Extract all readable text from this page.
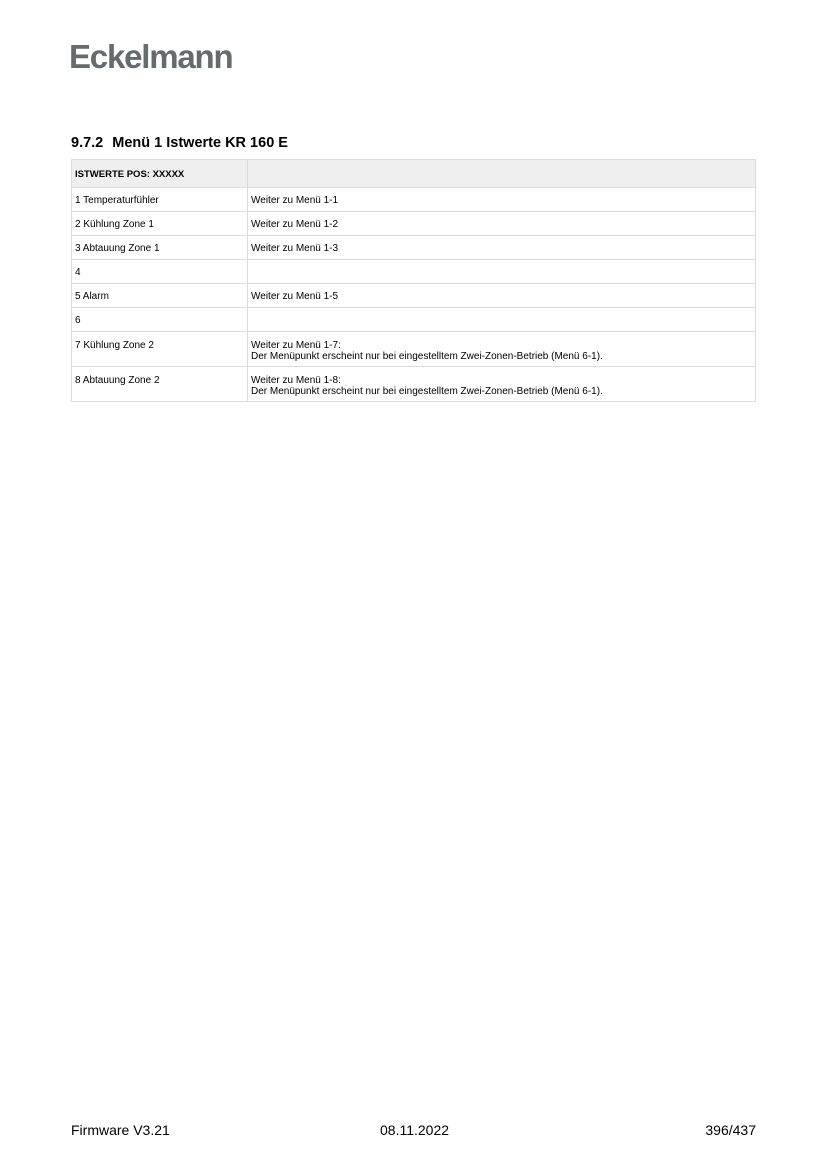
Eckelmann
9.7.2 Menü 1 Istwerte KR 160 E
ISTWERTE POS: XXXXX	
1 Temperaturfühler	Weiter zu Menü 1-1

2 Kühlung Zone 1	Weiter zu Menü 1-2

3 Abtauung Zone 1	Weiter zu Menü 1-3

4	

5 Alarm	Weiter zu Menü 1-5

6	

7 Kühlung Zone 2	Weiter zu Menü 1-7:
Der Menüpunkt erscheint nur bei eingestelltem Zwei-Zonen-Betrieb (Menü 6-1).

8 Abtauung Zone 2	Weiter zu Menü 1-8:
Der Menüpunkt erscheint nur bei eingestelltem Zwei-Zonen-Betrieb (Menü 6-1).
Firmware V3.21	08.11.2022	396/437
